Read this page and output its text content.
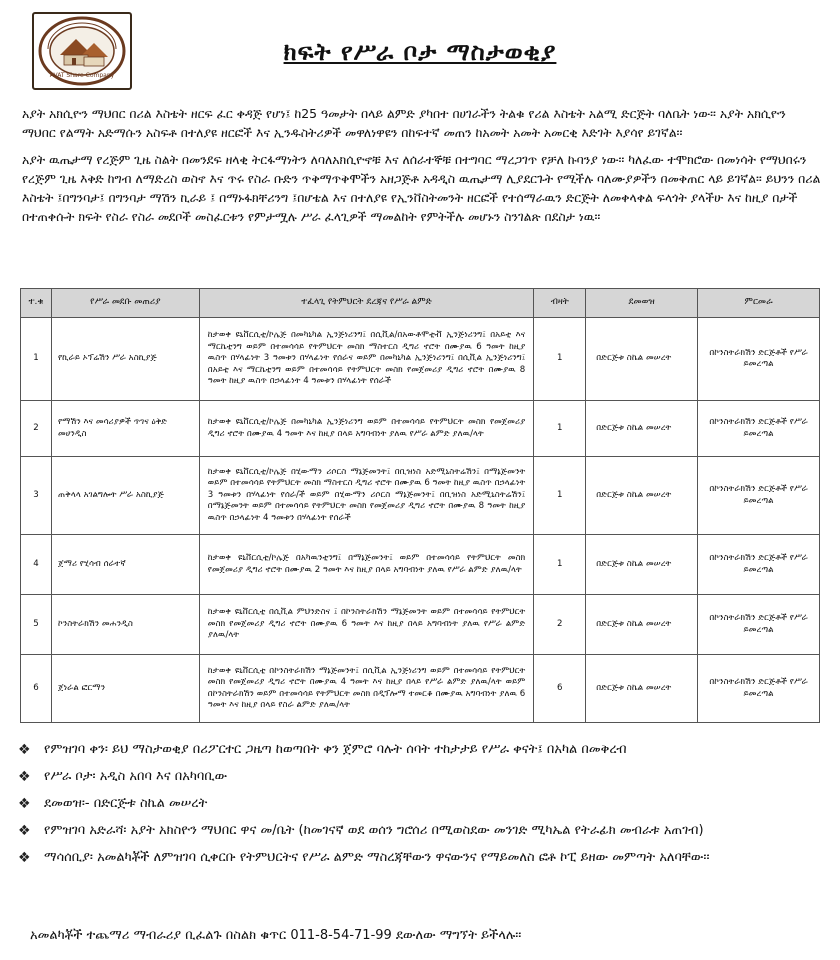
AVAT Share Company
ክፍት የሥራ ቦታ ማስታወቂያ

አያት አክሲዮን ማህበር በሪል እስቴት ዘርፍ ፈር ቀዳጅ የሆነ፤ ከ25 ዓመታት በላይ ልምድ ያካበተ በሀገራችን ትልቁ የሪል እስቴት አልሚ ድርጅት ባለቤት ነው፡፡ አያት አክሲዮን ማህበር የልማት አድማሱን አስፍቶ በተለያዩ ዘርፎች እና ኢንዱስትሪዎች መዋለነዋዩን በከፍተኛ መጠን ከአመት አመት አመርቂ እድገት እያሳየ ይገኛል፡፡

አያት ዉጤታማ የረጅም ጊዜ ስልት በመንደፍ ዘላቂ ትርፋማነትን ለባለአክሲዮኖቹ እና ለሰራተኞቹ በተግባር ማረጋገጥ የቻለ ኩባንያ ነው፡፡ ካለፈው ተሞክሮው በመነሳት የማህበሩን የረጅም ጊዜ እቅድ ከግብ ለማድረስ ወስኖ እና ጥሩ የስራ ቡድን ጥቅማጥቅሞችን አዘጋጅቶ አዳዲስ ዉጤታማ ሊያደርጉት የሚችሉ ባለሙያዎችን በመቅጠር ላይ ይገኛል፡፡ ይህንን በሪል እስቴት ፤በግንባታ፤ በግንባታ ማሽን ኪራይ ፤ በማኑፋክቸሪንግ ፤በሆቴል እና በተለያዩ የኢንቨስትመንት ዘርፎች የተሰማራዉን ድርጅት ለመቀላቀል ፍላጎት ያላችሁ እና ከዚያ በታች በተጠቀሱት ክፍት የስራ የስራ መደቦች መስፈርቱን የምታሟሉ ሥራ ፈላጊዎች ማመልከት የምትችሉ መሆኑን ስንገልጽ በደስታ ነዉ፡፡

ተ.ቁ	የሥራ መደቡ መጠሪያ	ተፈላጊ የትምህርት ደረጃና የሥራ ልምድ	ብዛት	ደመወዝ	ምርመራ
1	የኪራይ ኦፕሬሽን ሥራ አስኪያጅ	ከታወቀ ዩኒቨርሲቲ/ኮሌጅ በመካኒካል ኢንጅነሪንግ፤ በሲቪል/በአውቶሞቲቭ ኢንጅነሪንግ፤ በአይቲ እና ማርኬቲንግ ወይም በተመሳሳይ የትምህርት መስክ ማስተርስ ዲግሪ ኖሮት በሙያዉ 6 ዓመት ከዚያ ዉስጥ በሃላፊነት 3 ዓመቱን በሃላፊነት የሰራና ወይም በመካኒካል ኢንጅነሪንግ፤ በሲቪል ኢንጅነሪንግ፤ በአይቲ እና ማርኬቲንግ ወይም በተመሳሳይ የትምህርት መስክ የመጀመሪያ ዲግሪ ኖሮት በሙያዉ 8 ዓመት ከዚያ ዉስጥ በኃላፊነት 4 ዓመቱን በሃላፊነት የሰራች	1	በድርጅቱ ስኬል መሠረት	በኮንስትራክሽን ድርጅቶች የሥራ ይመረጣል
2	የማሽን እና መሳሪያዎች ጥገና ዕቅድ መሀንዲስ	ከታወቀ ዩኒቨርሲቲ/ኮሌጅ በመካኒካል ኢንጅነሪንግ ወይም በተመሳሳይ የትምህርት መስክ የመጀመሪያ ዲግሪ ኖሮት በሙያዉ 4 ዓመት እና ከዚያ በላይ አግባብነት ያለዉ የሥራ ልምድ ያለዉ/ላት	1	በድርጅቱ ስኬል መሠረት	በኮንስትራክሽን ድርጅቶች የሥራ ይመረጣል
3	ጠቅላላ አገልግሎት ሥራ አስኪያጅ	ከታወቀ ዩኒቨርሲቲ/ኮሌጅ በሂውማን ሪሶርስ ማኔጅመንት፤ በቢዝነስ አድሚኒስትሬሽን፤ በማኔጅመንት ወይም በተመሳሳይ የትምህርት መስክ ማስተርስ ዲግሪ ኖሮት በሙያዉ 6 ዓመት ከዚያ ዉስጥ በኃላፊነት 3 ዓመቱን በሃላፊነት የሰራ/ች ወይም በሂውማን ሪሶርስ ማኔጅመንት፤ በቢዝነስ አድሚኒስትሬሽን፤ በማኔጅመንት ወይም በተመሳሳይ የትምህርት መስክ የመጀመሪያ ዲግሪ ኖሮት በሙያዉ 8 ዓመት ከዚያ ዉስጥ በኃላፊነት 4 ዓመቱን በሃላፊነት የሰራች	1	በድርጅቱ ስኬል መሠረት	በኮንስትራክሽን ድርጅቶች የሥራ ይመረጣል
4	ጀማሪ የሂሳብ ሰራተኛ	ከታወቀ ዩኒቨርሲቲ/ኮሌጅ በአካዉንቲንግ፤ በማኔጅመንት፤ ወይም በተመሳሳይ የትምህርት መስክ የመጀመሪያ ዲግሪ ኖሮት በሙያዉ 2 ዓመት እና ከዚያ በላይ አግባብነት ያለዉ የሥራ ልምድ ያለዉ/ላት	1	በድርጅቱ ስኬል መሠረት	በኮንስትራክሽን ድርጅቶች የሥራ ይመረጣል
5	ኮንስትራክሽን መሐንዲስ	ከታወቀ ዩኒቨርሲቲ በሲቪል ምህንድስና ፤ በኮንስትራክሽን ማኔጅመንት ወይም በተመሳሳይ የትምህርት መስክ የመጀመሪያ ዲግሪ ኖሮት በሙያዉ 6 ዓመት እና ከዚያ በላይ አግባብነት ያለዉ የሥራ ልምድ ያለዉ/ላት	2	በድርጅቱ ስኬል መሠረት	በኮንስትራክሽን ድርጅቶች የሥራ ይመረጣል
6	ጀነራል ፎርማን	ከታወቀ ዩኒቨርሲቲ በኮንስትራክሽን ማኔጅመንት፤ በሲቪል ኢንጅነሪንግ ወይም በተመሳሳይ የትምህርት መስክ የመጀመሪያ ዲግሪ ኖሮት በሙያዉ 4 ዓመት እና ከዚያ በላይ የሥራ ልምድ ያለዉ/ላት ወይም በኮንስትራክሽን ወይም በተመሳሳይ የትምህርት መስክ በዲፕሎማ ተመርቆ በሙያዉ አግባብነት ያለዉ 6 ዓመት እና ከዚያ በላይ የስራ ልምድ ያለዉ/ላት	6	በድርጅቱ ስኬል መሠረት	በኮንስትራክሽን ድርጅቶች የሥራ ይመረጣል
❖	የምዝገባ ቀን፡ ይህ ማስታወቂያ በሪፖርተር ጋዜጣ ከወጣበት ቀን ጀምሮ ባሉት ሰባት ተከታታይ የሥራ ቀናት፤ በአካል በመቅረብ
❖	የሥራ ቦታ፡ አዲስ አበባ እና በአካባቢው
❖	ደመወዝ፡- በድርጅቱ ስኬል መሠረት
❖	የምዝገባ አድራሻ፡ አያት አክስዮን ማህበር ዋና መ/ቤት (ከመገናኛ ወደ ወሰን ግሮሰሪ በሚወስደው መንገድ ሚካኤል የትራፊክ መብራቱ አጠገብ)
❖	ማሳሰቢያ፡ አመልካቾች ለምዝገባ ሲቀርቡ የትምህርትና የሥራ ልምድ ማስረጃቸውን ዋናውንና የማይመለስ ፎቶ ኮፒ ይዘው መምጣት አለባቸው፡፡
አመልካቾች ተጨማሪ ማብራሪያ ቢፈልጉ በስልክ ቁጥር 011-8-54-71-99 ደውለው ማግኘት ይችላሉ፡፡
